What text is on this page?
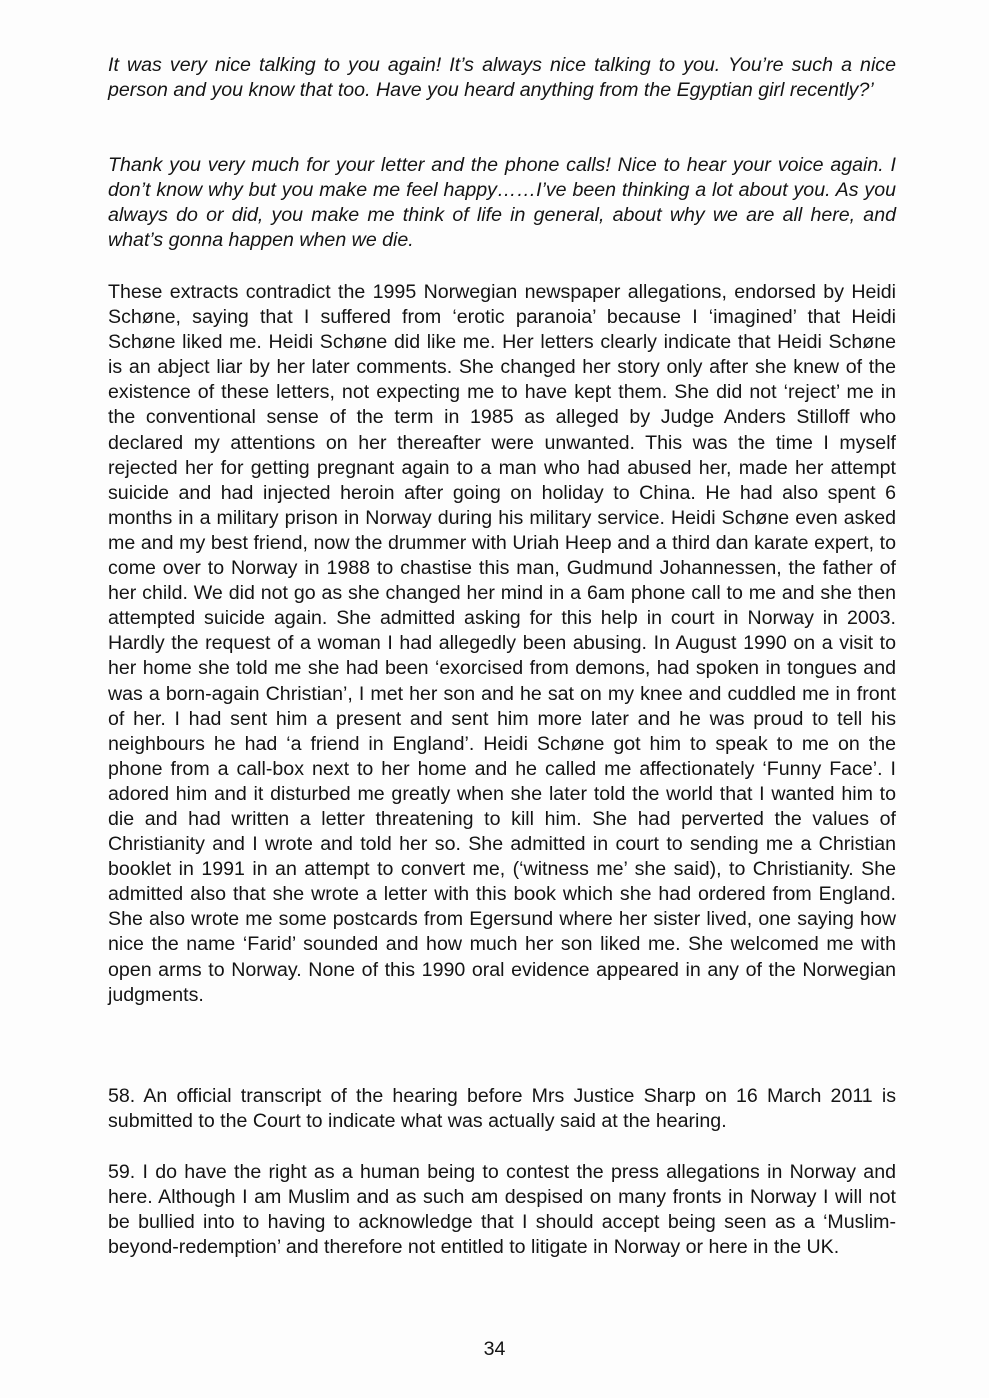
It was very nice talking to you again! It’s always nice talking to you. You’re such a nice person and you know that too. Have you heard anything from the Egyptian girl recently?’

Thank you very much for your letter and the phone calls! Nice to hear your voice again. I don’t know why but you make me feel happy……I’ve been thinking a lot about you. As you always do or did, you make me think of life in general, about why we are all here, and what’s gonna happen when we die.

These extracts contradict the 1995 Norwegian newspaper allegations, endorsed by Heidi Schøne, saying that I suffered from ‘erotic paranoia’ because I ‘imagined’ that Heidi Schøne liked me. Heidi Schøne did like me. Her letters clearly indicate that Heidi Schøne is an abject liar by her later comments. She changed her story only after she knew of the existence of these letters, not expecting me to have kept them. She did not ‘reject’ me in the conventional sense of the term in 1985 as alleged by Judge Anders Stilloff who declared my attentions on her thereafter were unwanted. This was the time I myself rejected her for getting pregnant again to a man who had abused her, made her attempt suicide and had injected heroin after going on holiday to China. He had also spent 6 months in a military prison in Norway during his military service. Heidi Schøne even asked me and my best friend, now the drummer with Uriah Heep and a third dan karate expert, to come over to Norway in 1988 to chastise this man, Gudmund Johannessen, the father of her child. We did not go as she changed her mind in a 6am phone call to me and she then attempted suicide again. She admitted asking for this help in court in Norway in 2003. Hardly the request of a woman I had allegedly been abusing. In August 1990 on a visit to her home she told me she had been ‘exorcised from demons, had spoken in tongues and was a born-again Christian’, I met her son and he sat on my knee and cuddled me in front of her. I had sent him a present and sent him more later and he was proud to tell his neighbours he had ‘a friend in England’. Heidi Schøne got him to speak to me on the phone from a call-box next to her home and he called me affectionately ‘Funny Face’. I adored him and it disturbed me greatly when she later told the world that I wanted him to die and had written a letter threatening to kill him. She had perverted the values of Christianity and I wrote and told her so. She admitted in court to sending me a Christian booklet in 1991 in an attempt to convert me, (‘witness me’ she said), to Christianity. She admitted also that she wrote a letter with this book which she had ordered from England. She also wrote me some postcards from Egersund where her sister lived, one saying how nice the name ‘Farid’ sounded and how much her son liked me. She welcomed me with open arms to Norway. None of this 1990 oral evidence appeared in any of the Norwegian judgments.

58. An official transcript of the hearing before Mrs Justice Sharp on 16 March 2011 is submitted to the Court to indicate what was actually said at the hearing.

59. I do have the right as a human being to contest the press allegations in Norway and here. Although I am Muslim and as such am despised on many fronts in Norway I will not be bullied into to having to acknowledge that I should accept being seen as a ‘Muslim-beyond-redemption’ and therefore not entitled to litigate in Norway or here in the UK.

34
